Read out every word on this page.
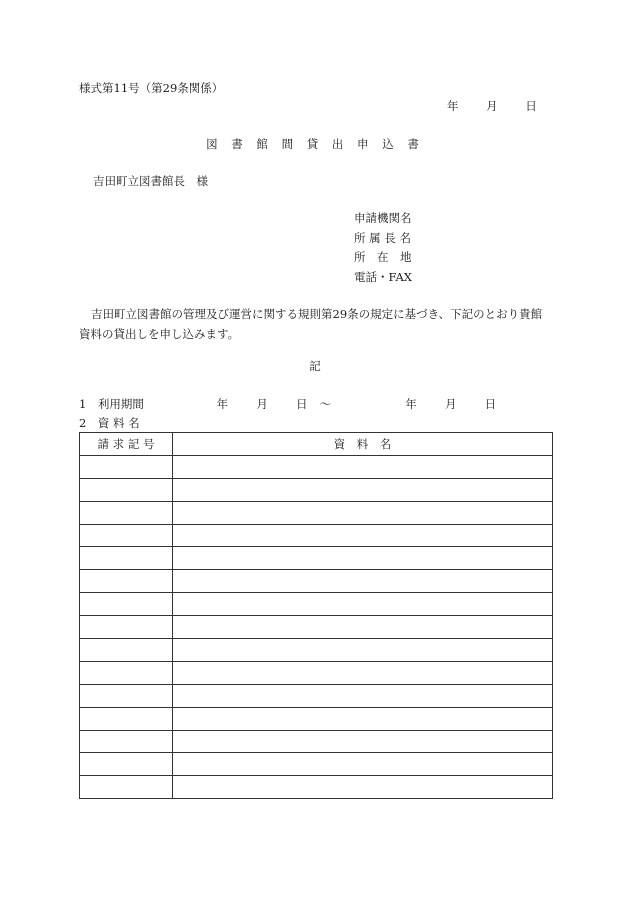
様式第11号（第29条関係）
年 月 日
図 書 館 間 貸 出 申 込 書
吉田町立図書館長　様
申請機関名
所 属 長 名
所　在　地
電話・FAX
吉田町立図書館の管理及び運営に関する規則第29条の規定に基づき、下記のとおり貴館資料の貸出しを申し込みます。
記
1　利用期間	年 月 日 ～	年 月 日
2　資 料 名
請 求 記 号	資　料　名
